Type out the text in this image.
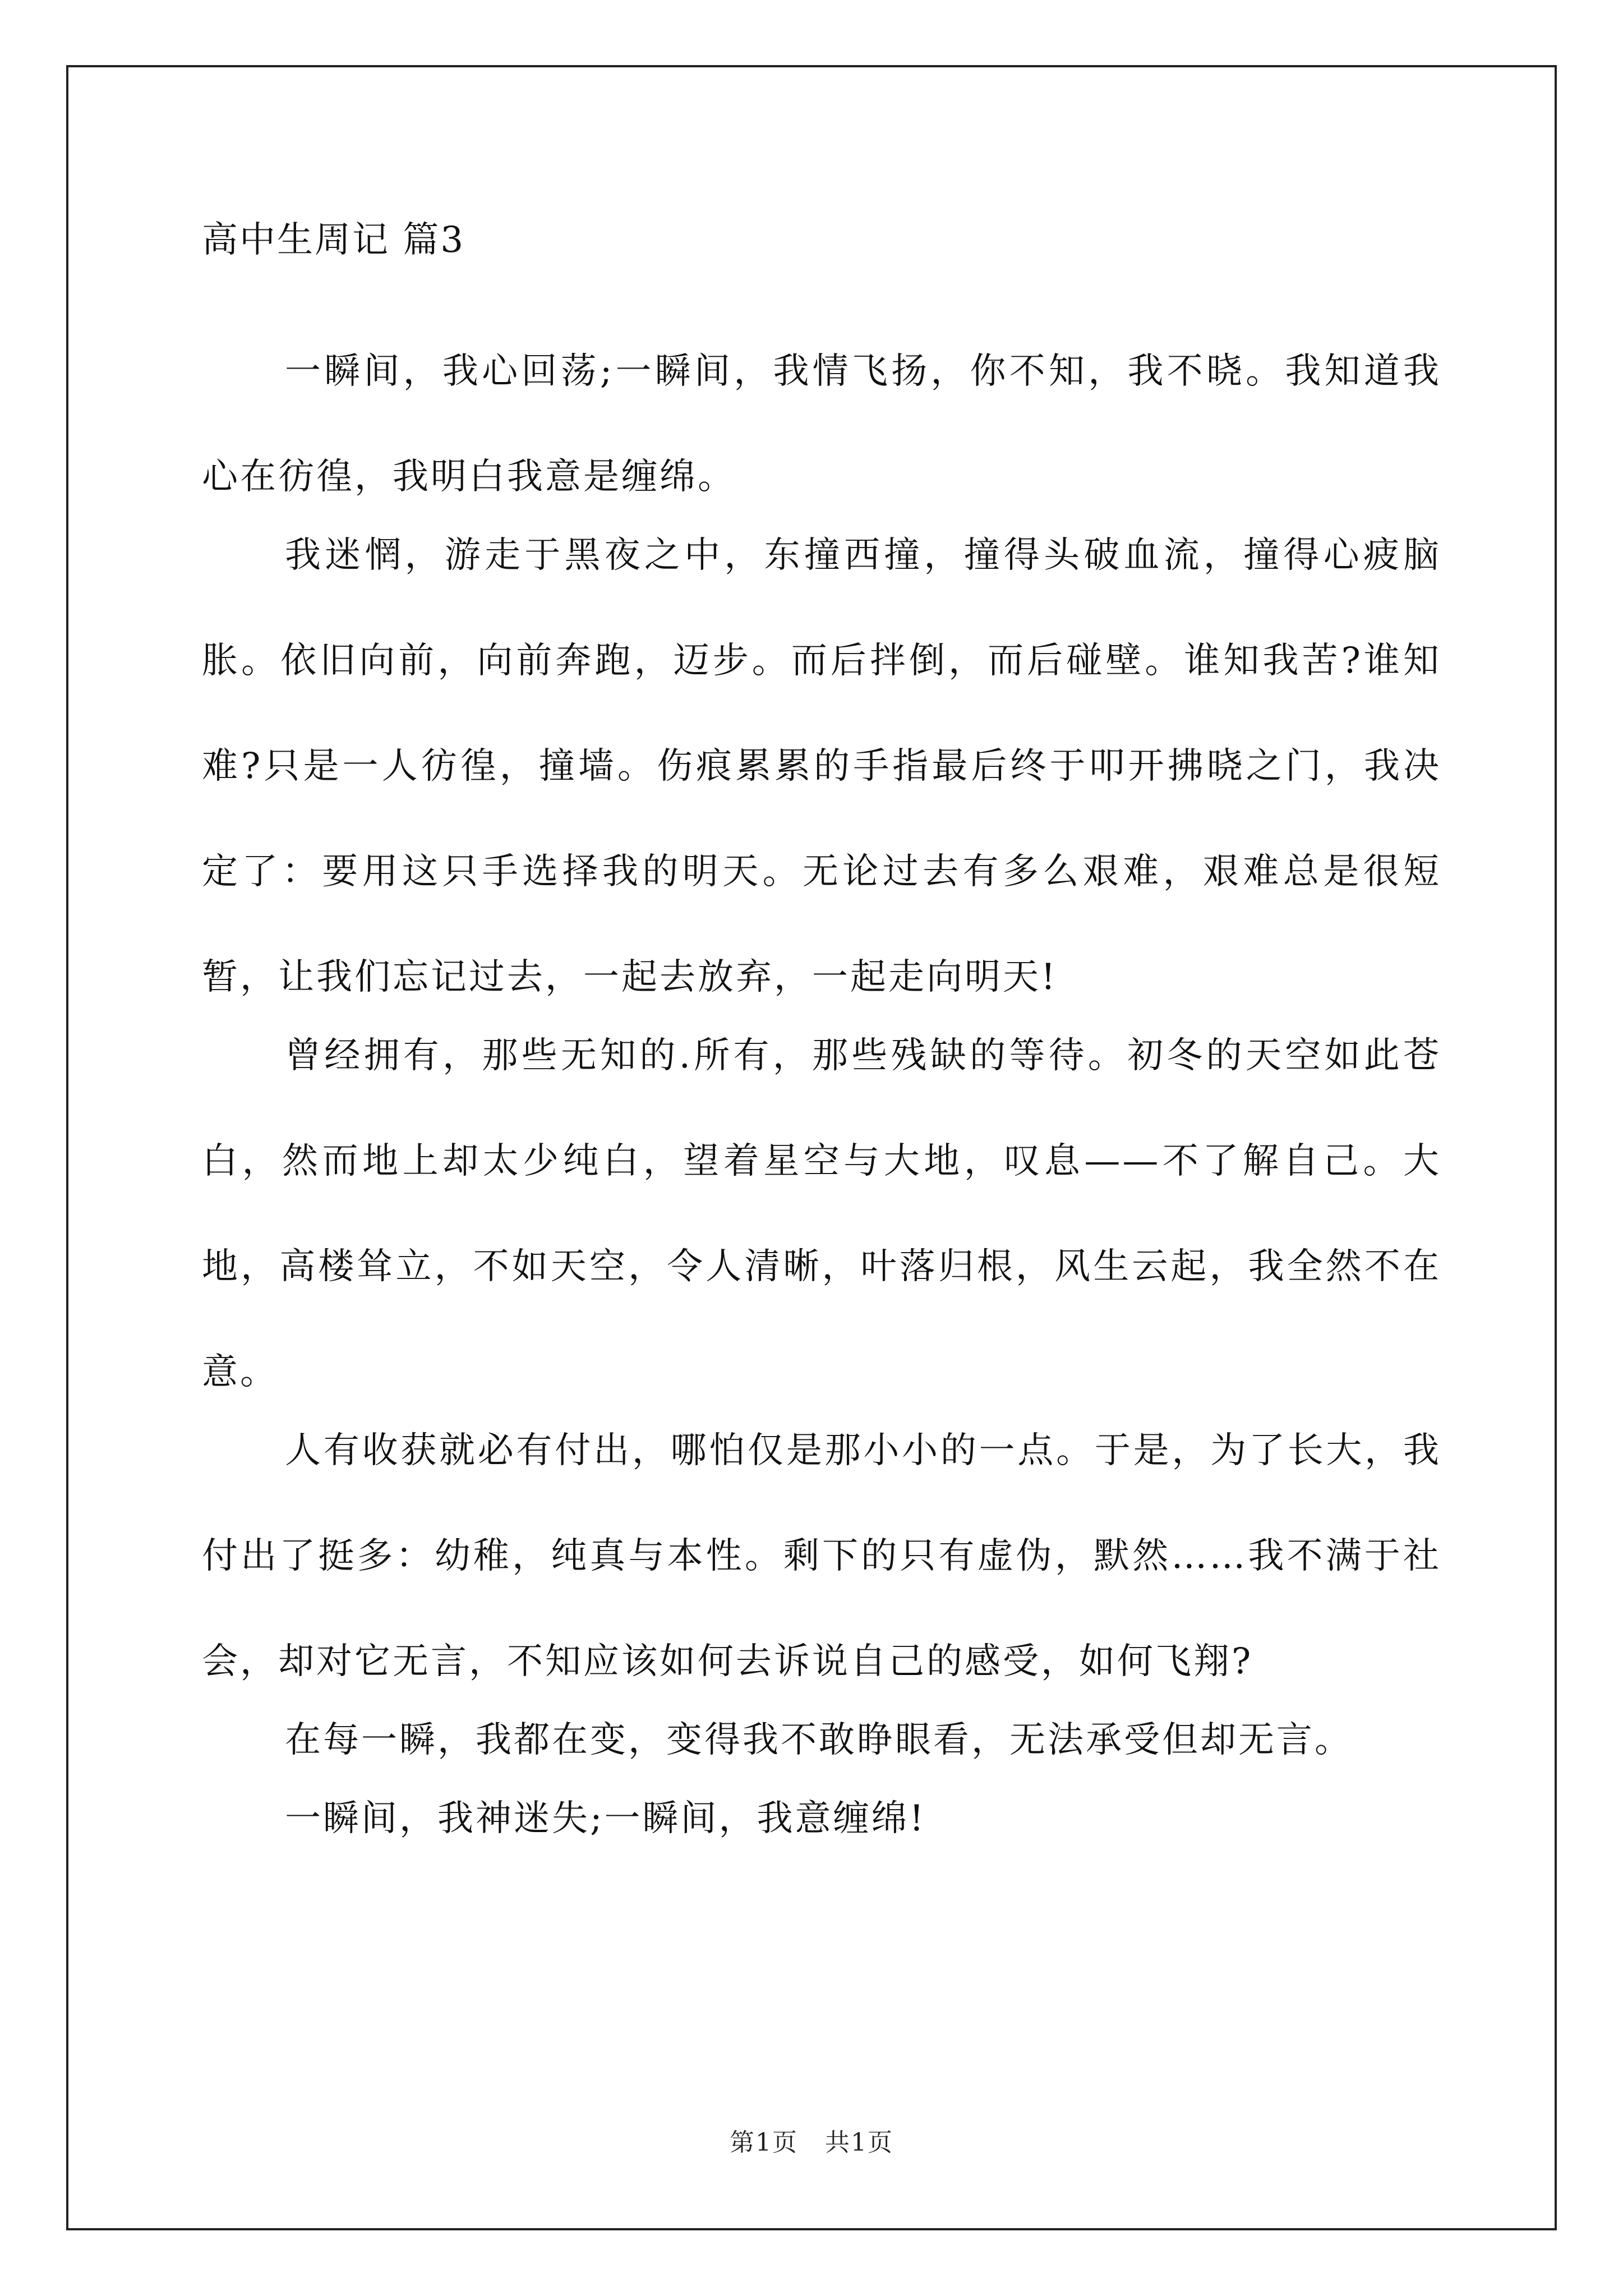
高中生周记 篇3

一瞬间，我心回荡;一瞬间，我情飞扬，你不知，我不晓。我知道我心在彷徨，我明白我意是缠绵。

我迷惘，游走于黑夜之中，东撞西撞，撞得头破血流，撞得心疲脑胀。依旧向前，向前奔跑，迈步。而后拌倒，而后碰壁。谁知我苦?谁知难?只是一人彷徨，撞墙。伤痕累累的手指最后终于叩开拂晓之门，我决定了：要用这只手选择我的明天。无论过去有多么艰难，艰难总是很短暂，让我们忘记过去，一起去放弃，一起走向明天!

曾经拥有，那些无知的.所有，那些残缺的等待。初冬的天空如此苍白，然而地上却太少纯白，望着星空与大地，叹息——不了解自己。大地，高楼耸立，不如天空，令人清晰，叶落归根，风生云起，我全然不在意。

人有收获就必有付出，哪怕仅是那小小的一点。于是，为了长大，我付出了挺多：幼稚，纯真与本性。剩下的只有虚伪，默然……我不满于社会，却对它无言，不知应该如何去诉说自己的感受，如何飞翔?

在每一瞬，我都在变，变得我不敢睁眼看，无法承受但却无言。

一瞬间，我神迷失;一瞬间，我意缠绵!

第1页 共1页
